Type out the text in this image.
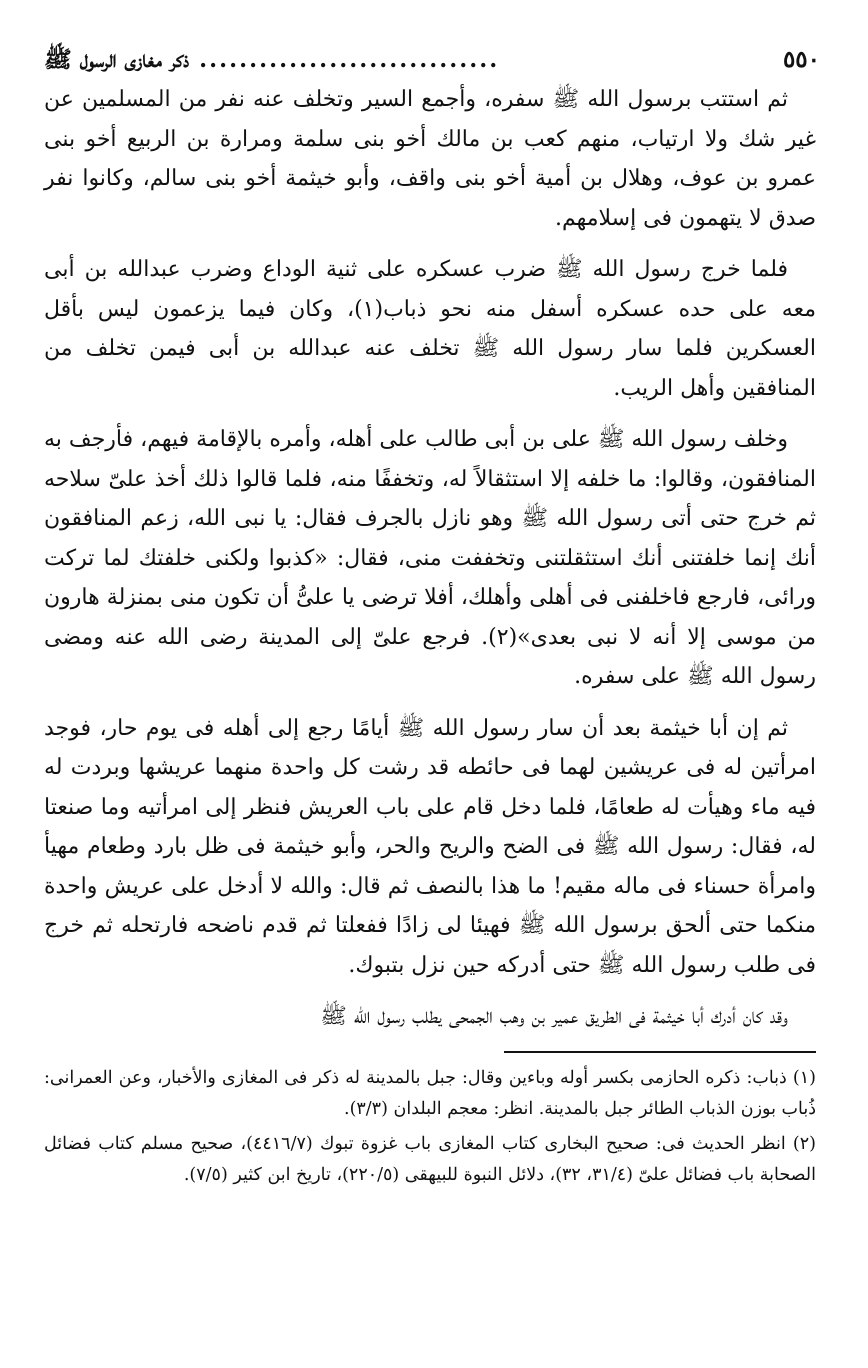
٥٥٠
..............................
ذكر مغازى الرسول ﷺ

ثم استتب برسول الله ﷺ سفره، وأجمع السير وتخلف عنه نفر من المسلمين عن غير شك ولا ارتياب، منهم كعب بن مالك أخو بنى سلمة ومرارة بن الربيع أخو بنى عمرو بن عوف، وهلال بن أمية أخو بنى واقف، وأبو خيثمة أخو بنى سالم، وكانوا نفر صدق لا يتهمون فى إسلامهم.

فلما خرج رسول الله ﷺ ضرب عسكره على ثنية الوداع وضرب عبدالله بن أبى معه على حده عسكره أسفل منه نحو ذباب(١)، وكان فيما يزعمون ليس بأقل العسكرين فلما سار رسول الله ﷺ تخلف عنه عبدالله بن أبى فيمن تخلف من المنافقين وأهل الريب.

وخلف رسول الله ﷺ على بن أبى طالب على أهله، وأمره بالإقامة فيهم، فأرجف به المنافقون، وقالوا: ما خلفه إلا استثقالاً له، وتخففًا منه، فلما قالوا ذلك أخذ علىّ سلاحه ثم خرج حتى أتى رسول الله ﷺ وهو نازل بالجرف فقال: يا نبى الله، زعم المنافقون أنك إنما خلفتنى أنك استثقلتنى وتخففت منى، فقال: «كذبوا ولكنى خلفتك لما تركت ورائى، فارجع فاخلفنى فى أهلى وأهلك، أفلا ترضى يا علىُّ أن تكون منى بمنزلة هارون من موسى إلا أنه لا نبى بعدى»(٢). فرجع علىّ إلى المدينة رضى الله عنه ومضى رسول الله ﷺ على سفره.

ثم إن أبا خيثمة بعد أن سار رسول الله ﷺ أيامًا رجع إلى أهله فى يوم حار، فوجد امرأتين له فى عريشين لهما فى حائطه قد رشت كل واحدة منهما عريشها وبردت له فيه ماء وهيأت له طعامًا، فلما دخل قام على باب العريش فنظر إلى امرأتيه وما صنعتا له، فقال: رسول الله ﷺ فى الضح والريح والحر، وأبو خيثمة فى ظل بارد وطعام مهيأ وامرأة حسناء فى ماله مقيم! ما هذا بالنصف ثم قال: والله لا أدخل على عريش واحدة منكما حتى ألحق برسول الله ﷺ فهيئا لى زادًا ففعلتا ثم قدم ناضحه فارتحله ثم خرج فى طلب رسول الله ﷺ حتى أدركه حين نزل بتبوك.

وقد كان أدرك أبا خيثمة فى الطريق عمير بن وهب الجمحى يطلب رسول الله ﷺ

(١) ذباب: ذكره الحازمى بكسر أوله وباءين وقال: جبل بالمدينة له ذكر فى المغازى والأخبار، وعن العمرانى: ذُباب بوزن الذباب الطائر جبل بالمدينة. انظر: معجم البلدان (٣/٣).

(٢) انظر الحديث فى: صحيح البخارى كتاب المغازى باب غزوة تبوك (٤٤١٦/٧)، صحيح مسلم كتاب فضائل الصحابة باب فضائل علىّ (٣١/٤، ٣٢)، دلائل النبوة للبيهقى (٢٢٠/٥)، تاريخ ابن كثير (٧/٥).
